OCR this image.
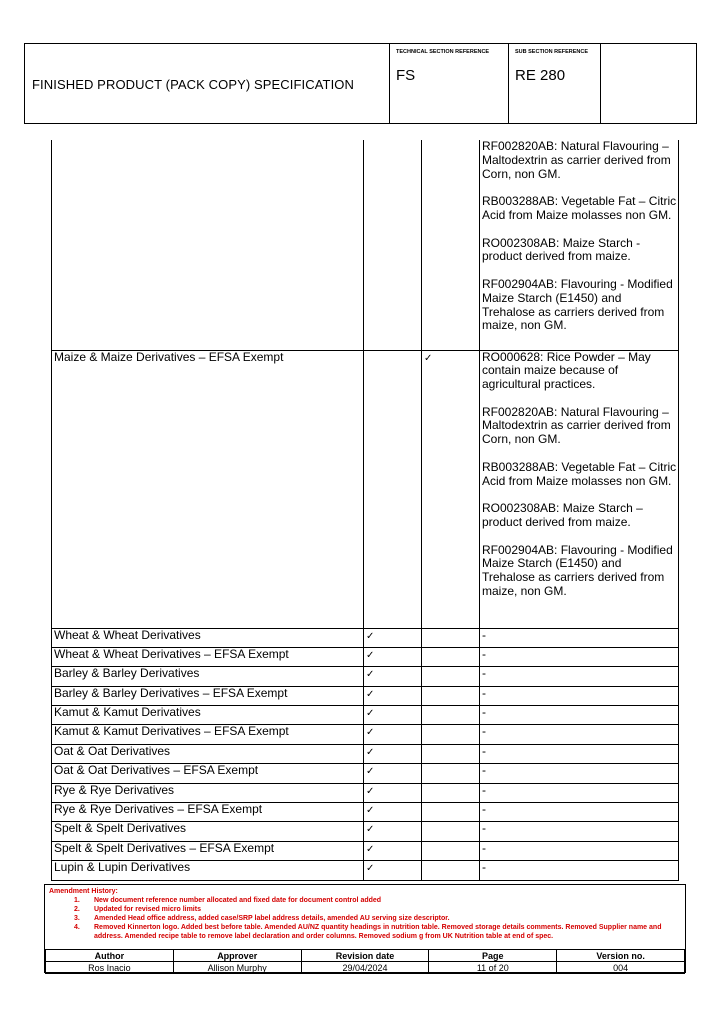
FINISHED PRODUCT (PACK COPY) SPECIFICATION
TECHNICAL SECTION REFERENCE
FS
SUB SECTION REFERENCE
RE 280

			RF002820AB: Natural Flavouring – Maltodextrin as carrier derived from Corn, non GM.
RB003288AB: Vegetable Fat – Citric Acid from Maize molasses non GM.
RO002308AB: Maize Starch - product derived from maize.
RF002904AB: Flavouring - Modified Maize Starch (E1450) and Trehalose as carriers derived from maize, non GM.

Maize & Maize Derivatives – EFSA Exempt		✓	RO000628: Rice Powder – May contain maize because of agricultural practices.
RF002820AB: Natural Flavouring – Maltodextrin as carrier derived from Corn, non GM.
RB003288AB: Vegetable Fat – Citric Acid from Maize molasses non GM.
RO002308AB: Maize Starch – product derived from maize.
RF002904AB: Flavouring - Modified Maize Starch (E1450) and Trehalose as carriers derived from maize, non GM.

Wheat & Wheat Derivatives	✓		-
Wheat & Wheat Derivatives – EFSA Exempt	✓		-
Barley & Barley Derivatives	✓		-
Barley & Barley Derivatives – EFSA Exempt	✓		-
Kamut & Kamut Derivatives	✓		-
Kamut & Kamut Derivatives – EFSA Exempt	✓		-
Oat & Oat Derivatives	✓		-
Oat & Oat Derivatives – EFSA Exempt	✓		-
Rye & Rye Derivatives	✓		-
Rye & Rye Derivatives – EFSA Exempt	✓		-
Spelt & Spelt Derivatives	✓		-
Spelt & Spelt Derivatives – EFSA Exempt	✓		-
Lupin & Lupin Derivatives	✓		-
Amendment History:
1. New document reference number allocated and fixed date for document control added
2. Updated for revised micro limits
3. Amended Head office address, added case/SRP label address details, amended AU serving size descriptor.
4. Removed Kinnerton logo. Added best before table. Amended AU/NZ quantity headings in nutrition table. Removed storage details comments. Removed Supplier name and address. Amended recipe table to remove label declaration and order columns. Removed sodium g from UK Nutrition table at end of spec.
Author	Approver	Revision date	Page	Version no.
Ros Inacio	Allison Murphy	29/04/2024	11 of 20	004
